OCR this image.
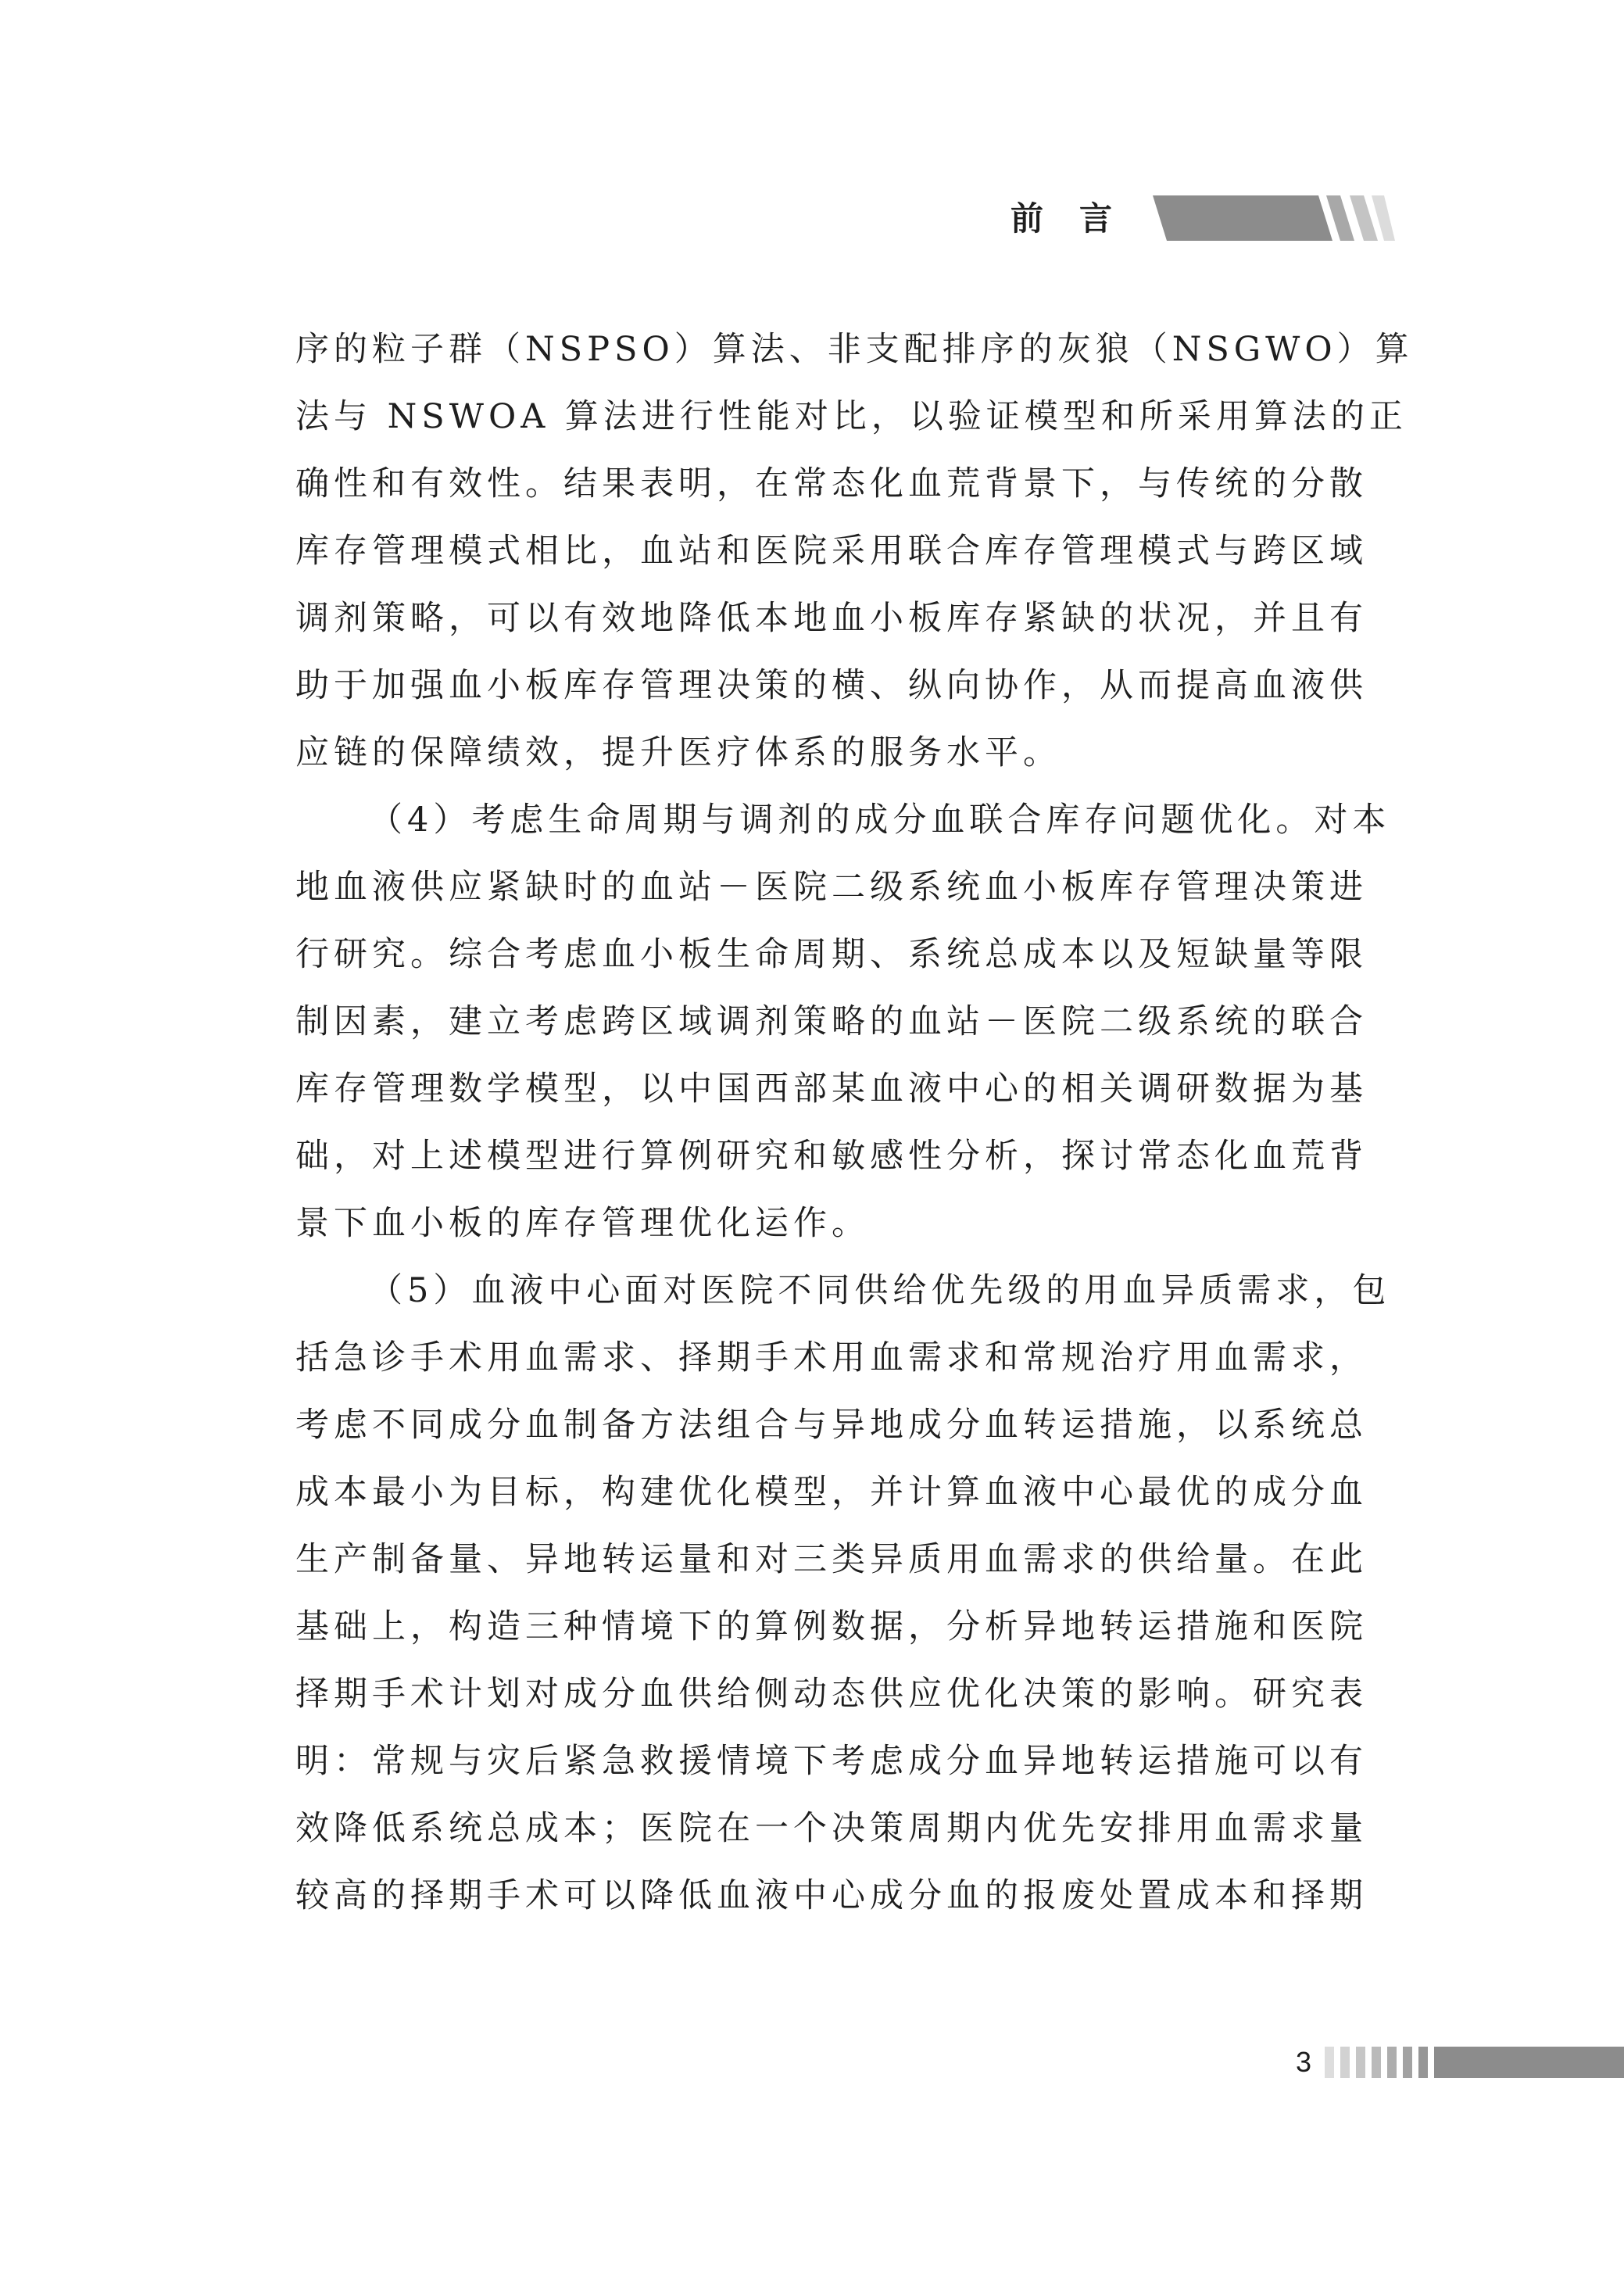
前言
序的粒子群（NSPSO）算法、非支配排序的灰狼（NSGWO）算
法与 NSWOA 算法进行性能对比，以验证模型和所采用算法的正
确性和有效性。结果表明，在常态化血荒背景下，与传统的分散
库存管理模式相比，血站和医院采用联合库存管理模式与跨区域
调剂策略，可以有效地降低本地血小板库存紧缺的状况，并且有
助于加强血小板库存管理决策的横、纵向协作，从而提高血液供
应链的保障绩效，提升医疗体系的服务水平。
（4）考虑生命周期与调剂的成分血联合库存问题优化。对本
地血液供应紧缺时的血站－医院二级系统血小板库存管理决策进
行研究。综合考虑血小板生命周期、系统总成本以及短缺量等限
制因素，建立考虑跨区域调剂策略的血站－医院二级系统的联合
库存管理数学模型，以中国西部某血液中心的相关调研数据为基
础，对上述模型进行算例研究和敏感性分析，探讨常态化血荒背
景下血小板的库存管理优化运作。
（5）血液中心面对医院不同供给优先级的用血异质需求，包
括急诊手术用血需求、择期手术用血需求和常规治疗用血需求，
考虑不同成分血制备方法组合与异地成分血转运措施，以系统总
成本最小为目标，构建优化模型，并计算血液中心最优的成分血
生产制备量、异地转运量和对三类异质用血需求的供给量。在此
基础上，构造三种情境下的算例数据，分析异地转运措施和医院
择期手术计划对成分血供给侧动态供应优化决策的影响。研究表
明：常规与灾后紧急救援情境下考虑成分血异地转运措施可以有
效降低系统总成本；医院在一个决策周期内优先安排用血需求量
较高的择期手术可以降低血液中心成分血的报废处置成本和择期
3
